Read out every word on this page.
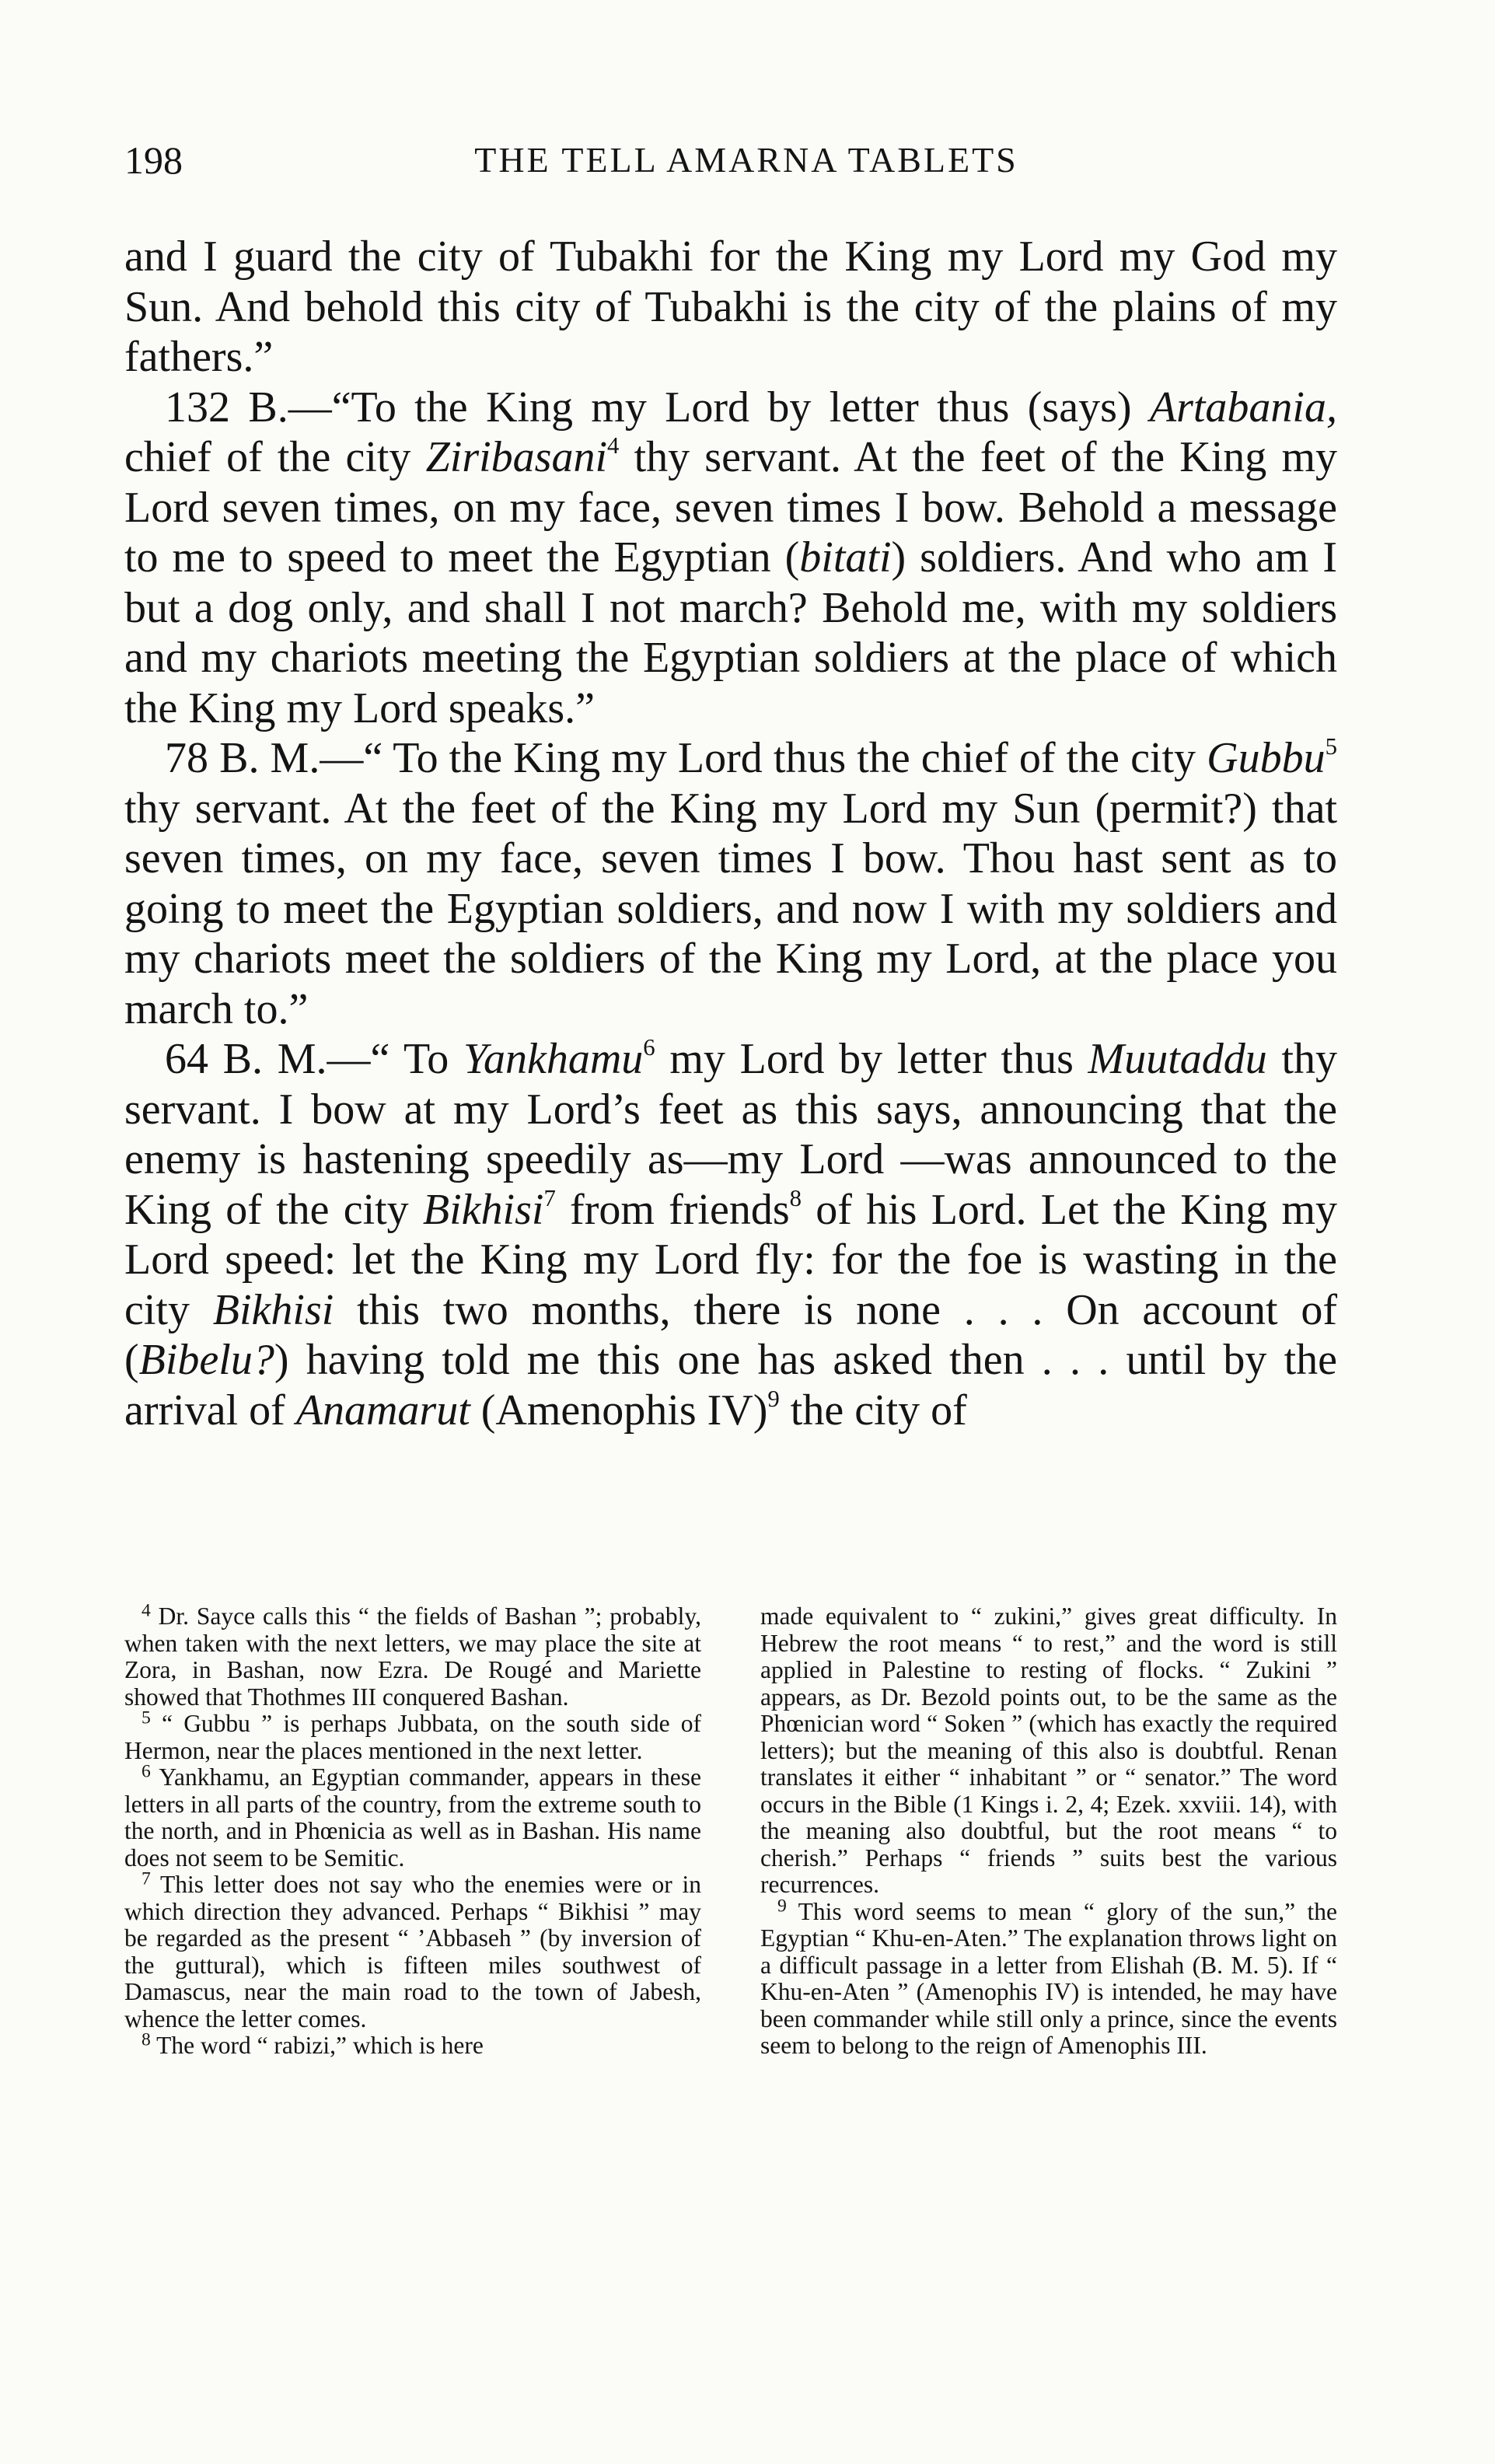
198	THE TELL AMARNA TABLETS

and I guard the city of Tubakhi for the King my Lord my God my Sun. And behold this city of Tubakhi is the city of the plains of my fathers.”

132 B.—“To the King my Lord by letter thus (says) Artabania, chief of the city Ziribasani$^4$ thy servant. At the feet of the King my Lord seven times, on my face, seven times I bow. Behold a message to me to speed to meet the Egyptian (bitati) soldiers. And who am I but a dog only, and shall I not march? Behold me, with my soldiers and my chariots meeting the Egyptian soldiers at the place of which the King my Lord speaks.”

78 B. M.—“ To the King my Lord thus the chief of the city Gubbu$^5$ thy servant. At the feet of the King my Lord my Sun (permit?) that seven times, on my face, seven times I bow. Thou hast sent as to going to meet the Egyptian soldiers, and now I with my soldiers and my chariots meet the soldiers of the King my Lord, at the place you march to.”

64 B. M.—“ To Yankhamu$^6$ my Lord by letter thus Muutaddu thy servant. I bow at my Lord’s feet as this says, announcing that the enemy is hastening speedily as—my Lord —was announced to the King of the city Bikhisi$^7$ from friends$^8$ of his Lord. Let the King my Lord speed: let the King my Lord fly: for the foe is wasting in the city Bikhisi this two months, there is none . . . On account of (Bibelu?) having told me this one has asked then . . . until by the arrival of Anamarut (Amenophis IV)$^9$ the city of

$^4$ Dr. Sayce calls this “ the fields of Bashan ”; probably, when taken with the next letters, we may place the site at Zora, in Bashan, now Ezra. De Rougé and Mariette showed that Thothmes III conquered Bashan.

$^5$ “ Gubbu ” is perhaps Jubbata, on the south side of Hermon, near the places mentioned in the next letter.

$^6$ Yankhamu, an Egyptian commander, appears in these letters in all parts of the country, from the extreme south to the north, and in Phœnicia as well as in Bashan. His name does not seem to be Semitic.

$^7$ This letter does not say who the enemies were or in which direction they advanced. Perhaps “ Bikhisi ” may be regarded as the present “ ’Abbaseh ” (by inversion of the guttural), which is fifteen miles southwest of Damascus, near the main road to the town of Jabesh, whence the letter comes.

$^8$ The word “ rabizi,” which is here

made equivalent to “ zukini,” gives great difficulty. In Hebrew the root means “ to rest,” and the word is still applied in Palestine to resting of flocks. “ Zukini ” appears, as Dr. Bezold points out, to be the same as the Phœnician word “ Soken ” (which has exactly the required letters); but the meaning of this also is doubtful. Renan translates it either “ inhabitant ” or “ senator.” The word occurs in the Bible (1 Kings i. 2, 4; Ezek. xxviii. 14), with the meaning also doubtful, but the root means “ to cherish.” Perhaps “ friends ” suits best the various recurrences.

$^9$ This word seems to mean “ glory of the sun,” the Egyptian “ Khu-en-Aten.” The explanation throws light on a difficult passage in a letter from Elishah (B. M. 5). If “ Khu-en-Aten ” (Amenophis IV) is intended, he may have been commander while still only a prince, since the events seem to belong to the reign of Amenophis III.
